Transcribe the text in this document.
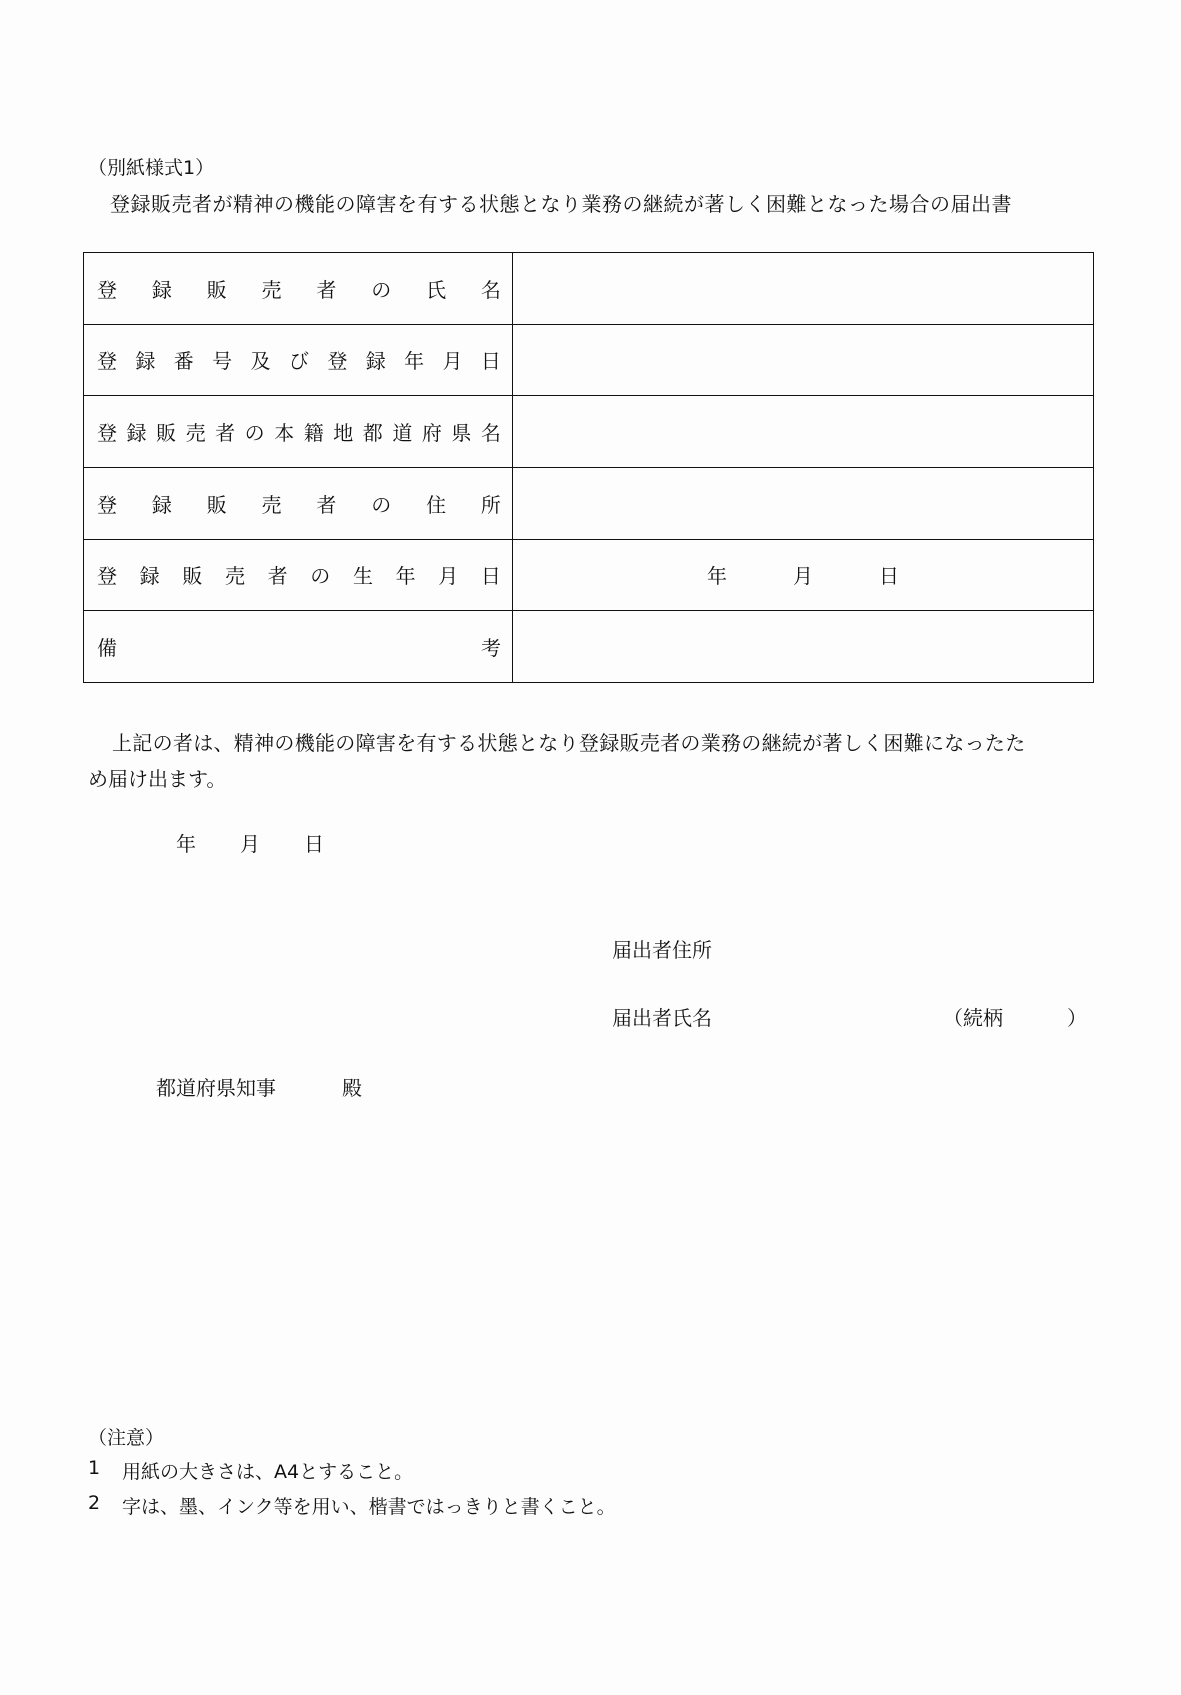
（別紙様式1）
登録販売者が精神の機能の障害を有する状態となり業務の継続が著しく困難となった場合の届出書
登 録 販 売 者 の 氏 名

登 録 番 号 及 び 登 録 年 月 日

登 録 販 売 者 の 本 籍 地 都 道 府 県 名

登 録 販 売 者 の 住 所

登 録 販 売 者 の 生 年 月 日	年	月	日

備 考	

上記の者は、精神の機能の障害を有する状態となり登録販売者の業務の継続が著しく困難になったた
め届け出ます。
年 月 日
届出者住所
届出者氏名	（続柄	）
都道府県知事	殿
（注意）
1	用紙の大きさは、A4とすること。
2	字は、墨、インク等を用い、楷書ではっきりと書くこと。
